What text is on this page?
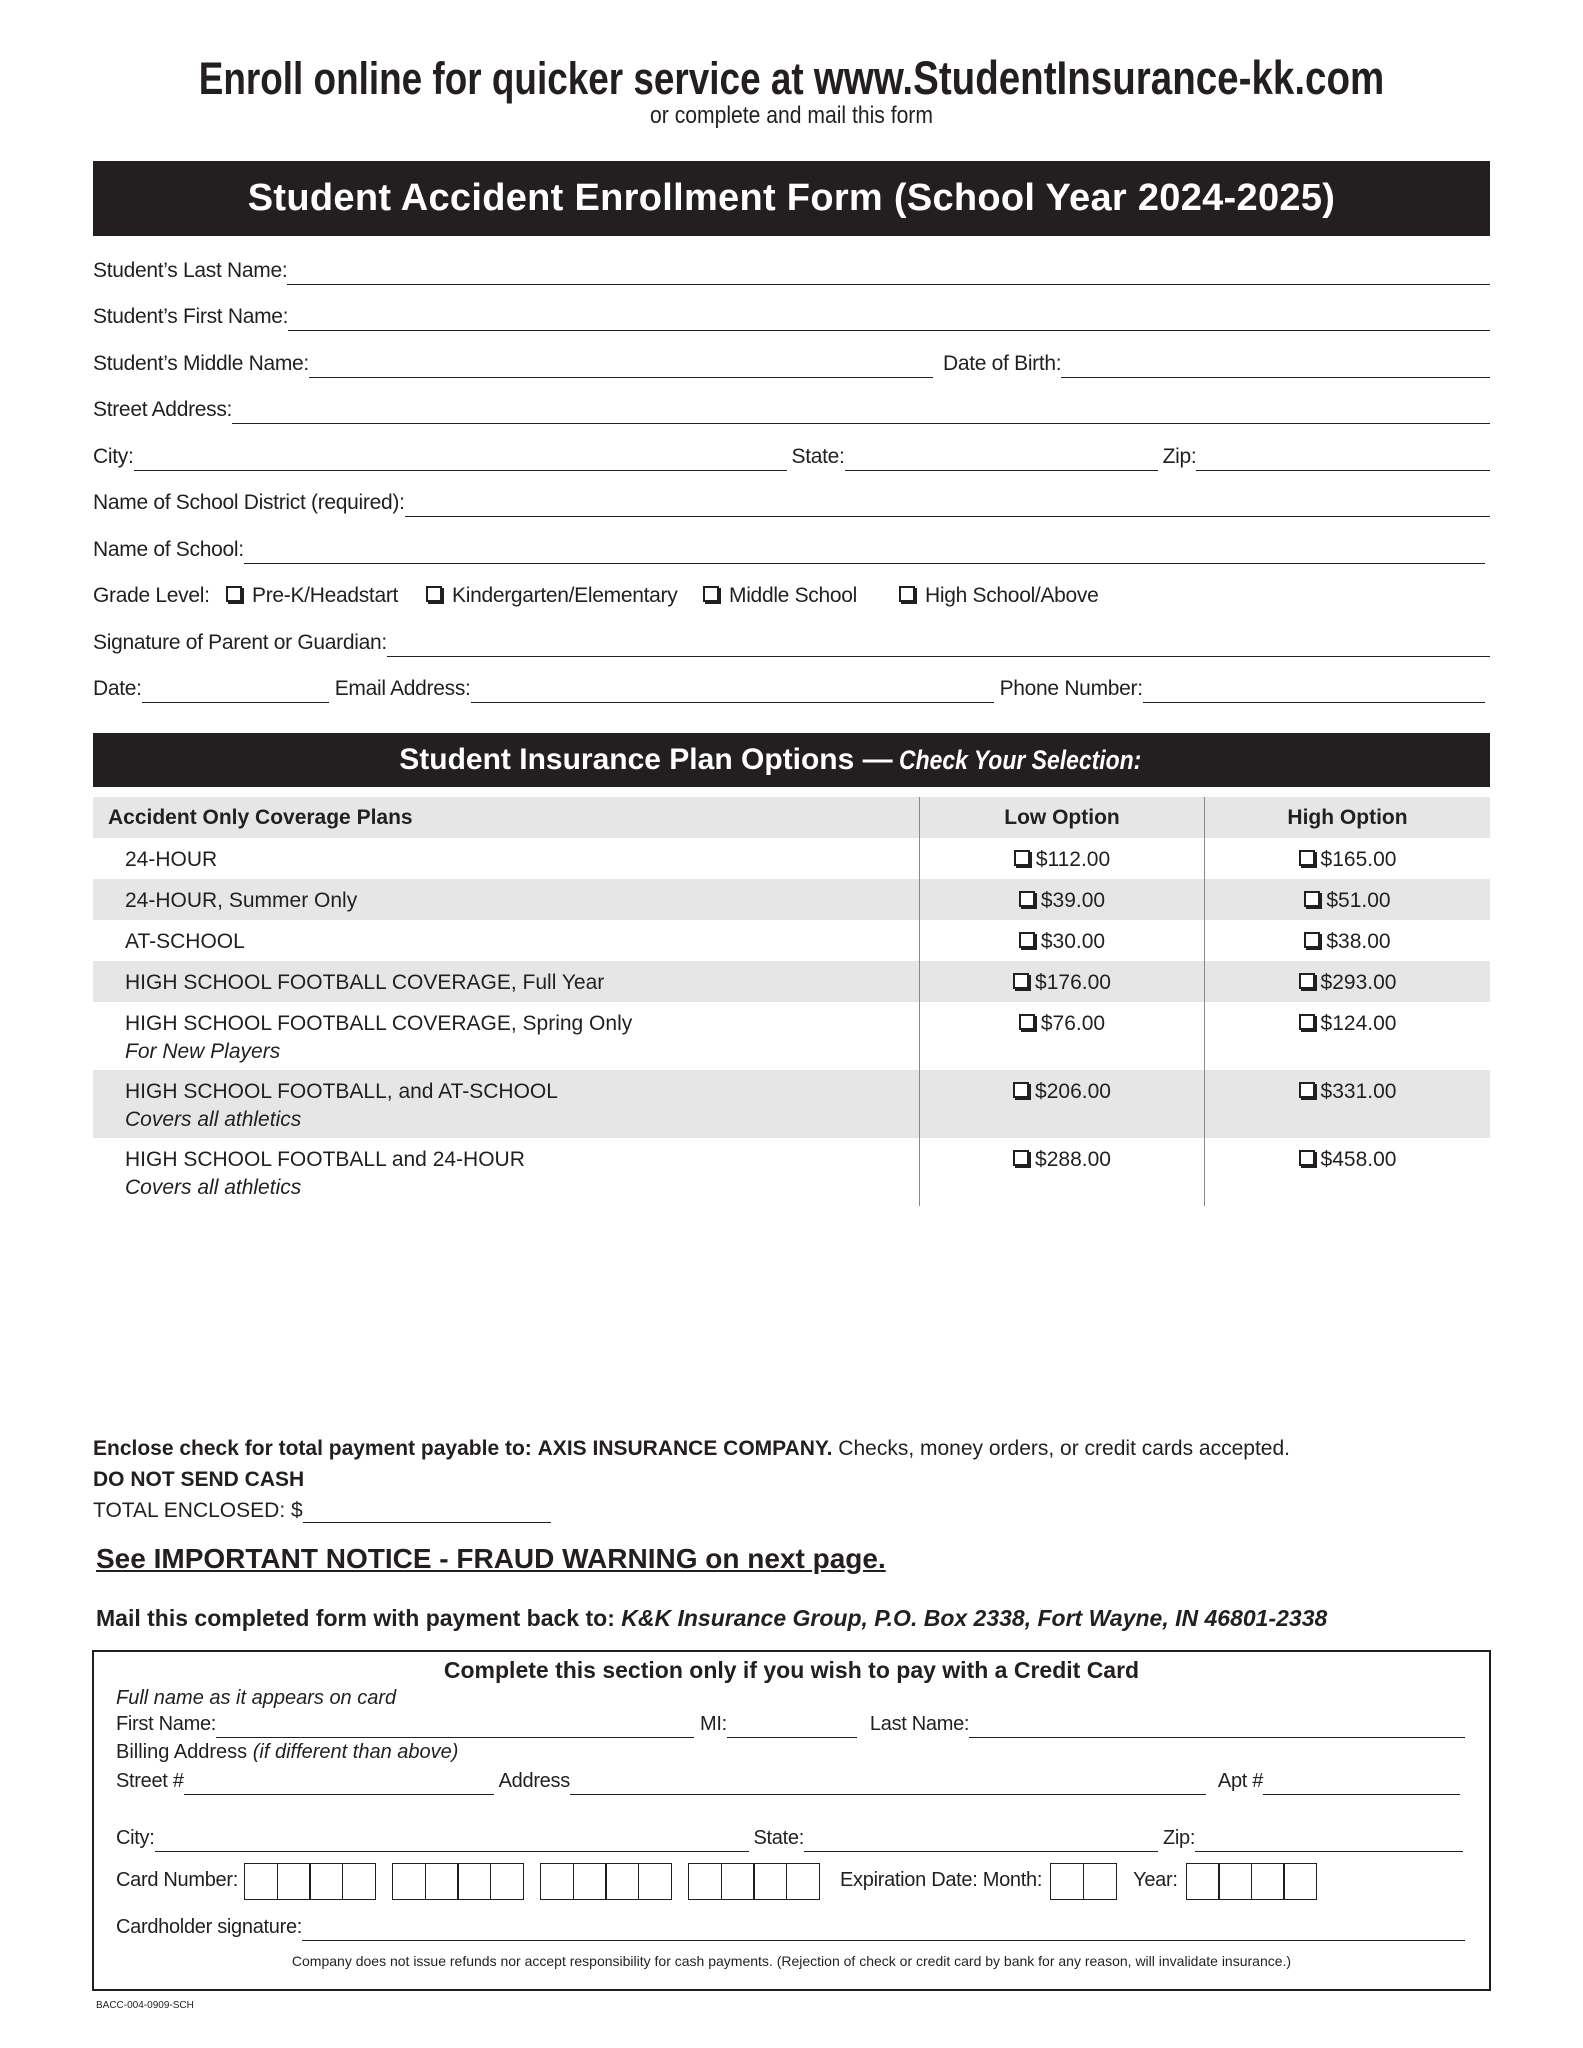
Enroll online for quicker service at www.StudentInsurance-kk.com
or complete and mail this form
Student Accident Enrollment Form (School Year 2024-2025)
Student’s Last Name:
Student’s First Name:
Student’s Middle Name:	Date of Birth:
Street Address:
City:	State:	Zip:
Name of School District (required):
Name of School:
Grade Level:	Pre-K/Headstart	Kindergarten/Elementary	Middle School	High School/Above
Signature of Parent or Guardian:
Date:	Email Address:	Phone Number:
Student Insurance Plan Options — Check Your Selection:
Accident Only Coverage Plans	Low Option	High Option
24-HOUR	$112.00	$165.00
24-HOUR, Summer Only	$39.00	$51.00
AT-SCHOOL	$30.00	$38.00
HIGH SCHOOL FOOTBALL COVERAGE, Full Year	$176.00	$293.00
HIGH SCHOOL FOOTBALL COVERAGE, Spring Only
For New Players	$76.00	$124.00
HIGH SCHOOL FOOTBALL, and AT-SCHOOL
Covers all athletics	$206.00	$331.00
HIGH SCHOOL FOOTBALL and 24-HOUR
Covers all athletics	$288.00	$458.00
Enclose check for total payment payable to: AXIS INSURANCE COMPANY. Checks, money orders, or credit cards accepted.
DO NOT SEND CASH
TOTAL ENCLOSED: $
See IMPORTANT NOTICE - FRAUD WARNING on next page.
Mail this completed form with payment back to: K&K Insurance Group, P.O. Box 2338, Fort Wayne, IN 46801-2338
Complete this section only if you wish to pay with a Credit Card
Full name as it appears on card
First Name:	MI:	Last Name:
Billing Address
(if different than above)
Street #	Address	Apt #
City:	State:	Zip:
Card Number:	Expiration Date: Month:	Year:
Cardholder signature:
Company does not issue refunds nor accept responsibility for cash payments. (Rejection of check or credit card by bank for any reason, will invalidate insurance.)
BACC-004-0909-SCH
